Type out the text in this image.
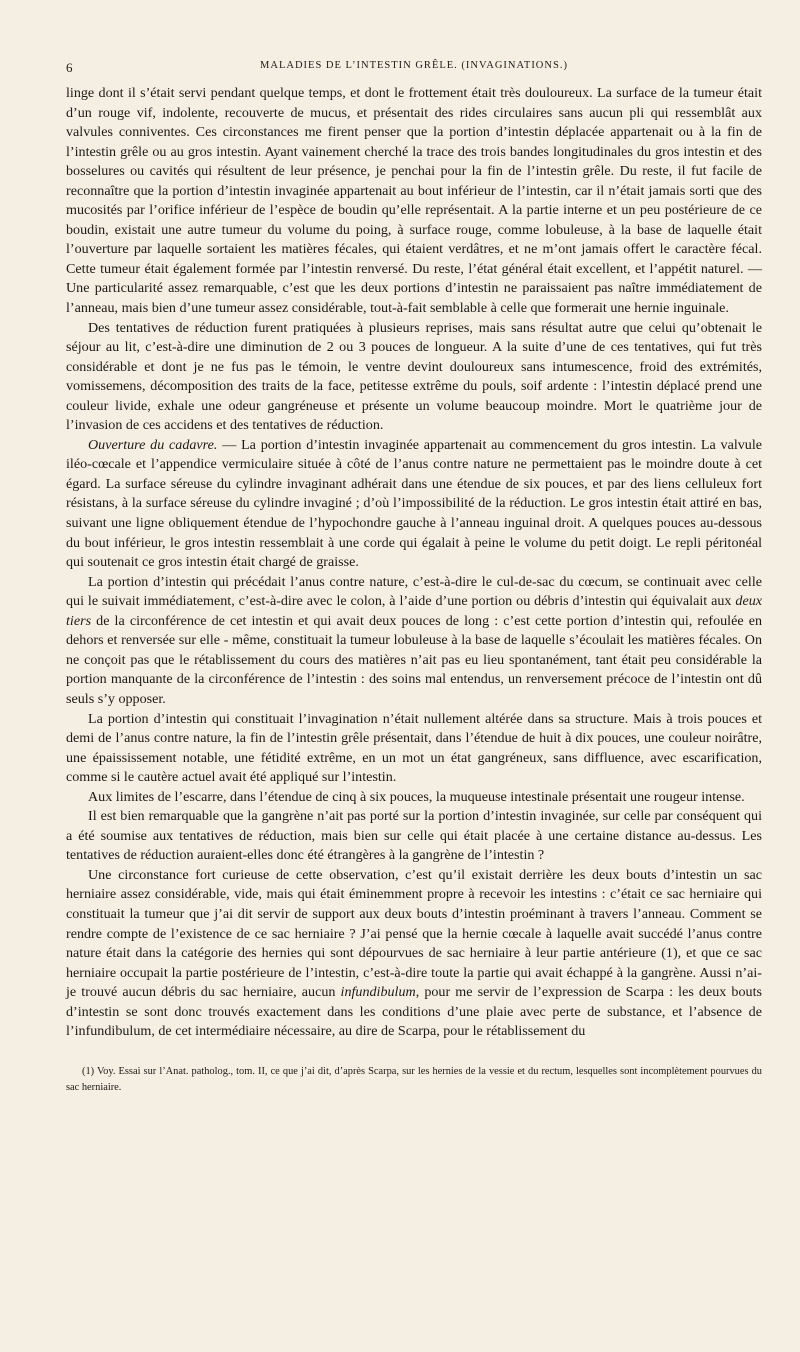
6	MALADIES DE L’INTESTIN GRÊLE. (INVAGINATIONS.)

linge dont il s’était servi pendant quelque temps, et dont le frottement était très douloureux. La surface de la tumeur était d’un rouge vif, indolente, recouverte de mucus, et présentait des rides circulaires sans aucun pli qui ressemblât aux valvules conniventes. Ces circonstances me firent penser que la portion d’intestin déplacée appartenait ou à la fin de l’intestin grêle ou au gros intestin. Ayant vainement cherché la trace des trois bandes longitudinales du gros intestin et des bosselures ou cavités qui résultent de leur présence, je penchai pour la fin de l’intestin grêle. Du reste, il fut facile de reconnaître que la portion d’intestin invaginée appartenait au bout inférieur de l’intestin, car il n’était jamais sorti que des mucosités par l’orifice inférieur de l’espèce de boudin qu’elle représentait. A la partie interne et un peu postérieure de ce boudin, existait une autre tumeur du volume du poing, à surface rouge, comme lobuleuse, à la base de laquelle était l’ouverture par laquelle sortaient les matières fécales, qui étaient verdâtres, et ne m’ont jamais offert le caractère fécal. Cette tumeur était également formée par l’intestin renversé. Du reste, l’état général était excellent, et l’appétit naturel. — Une particularité assez remarquable, c’est que les deux portions d’intestin ne paraissaient pas naître immédiatement de l’anneau, mais bien d’une tumeur assez considérable, tout-à-fait semblable à celle que formerait une hernie inguinale.

Des tentatives de réduction furent pratiquées à plusieurs reprises, mais sans résultat autre que celui qu’obtenait le séjour au lit, c’est-à-dire une diminution de 2 ou 3 pouces de longueur. A la suite d’une de ces tentatives, qui fut très considérable et dont je ne fus pas le témoin, le ventre devint douloureux sans intumescence, froid des extrémités, vomissemens, décomposition des traits de la face, petitesse extrême du pouls, soif ardente : l’intestin déplacé prend une couleur livide, exhale une odeur gangréneuse et présente un volume beaucoup moindre. Mort le quatrième jour de l’invasion de ces accidens et des tentatives de réduction.

Ouverture du cadavre. — La portion d’intestin invaginée appartenait au commencement du gros intestin. La valvule iléo-cœcale et l’appendice vermiculaire située à côté de l’anus contre nature ne permettaient pas le moindre doute à cet égard. La surface séreuse du cylindre invaginant adhérait dans une étendue de six pouces, et par des liens celluleux fort résistans, à la surface séreuse du cylindre invaginé ; d’où l’impossibilité de la réduction. Le gros intestin était attiré en bas, suivant une ligne obliquement étendue de l’hypochondre gauche à l’anneau inguinal droit. A quelques pouces au-dessous du bout inférieur, le gros intestin ressemblait à une corde qui égalait à peine le volume du petit doigt. Le repli péritonéal qui soutenait ce gros intestin était chargé de graisse.

La portion d’intestin qui précédait l’anus contre nature, c’est-à-dire le cul-de-sac du cœcum, se continuait avec celle qui le suivait immédiatement, c’est-à-dire avec le colon, à l’aide d’une portion ou débris d’intestin qui équivalait aux deux tiers de la circonférence de cet intestin et qui avait deux pouces de long : c’est cette portion d’intestin qui, refoulée en dehors et renversée sur elle - même, constituait la tumeur lobuleuse à la base de laquelle s’écoulait les matières fécales. On ne conçoit pas que le rétablissement du cours des matières n’ait pas eu lieu spontanément, tant était peu considérable la portion manquante de la circonférence de l’intestin : des soins mal entendus, un renversement précoce de l’intestin ont dû seuls s’y opposer.

La portion d’intestin qui constituait l’invagination n’était nullement altérée dans sa structure. Mais à trois pouces et demi de l’anus contre nature, la fin de l’intestin grêle présentait, dans l’étendue de huit à dix pouces, une couleur noirâtre, une épaississement notable, une fétidité extrême, en un mot un état gangréneux, sans diffluence, avec escarification, comme si le cautère actuel avait été appliqué sur l’intestin.

Aux limites de l’escarre, dans l’étendue de cinq à six pouces, la muqueuse intestinale présentait une rougeur intense.

Il est bien remarquable que la gangrène n’ait pas porté sur la portion d’intestin invaginée, sur celle par conséquent qui a été soumise aux tentatives de réduction, mais bien sur celle qui était placée à une certaine distance au-dessus. Les tentatives de réduction auraient-elles donc été étrangères à la gangrène de l’intestin ?

Une circonstance fort curieuse de cette observation, c’est qu’il existait derrière les deux bouts d’intestin un sac herniaire assez considérable, vide, mais qui était éminemment propre à recevoir les intestins : c’était ce sac herniaire qui constituait la tumeur que j’ai dit servir de support aux deux bouts d’intestin proéminant à travers l’anneau. Comment se rendre compte de l’existence de ce sac herniaire ? J’ai pensé que la hernie cœcale à laquelle avait succédé l’anus contre nature était dans la catégorie des hernies qui sont dépourvues de sac herniaire à leur partie antérieure (1), et que ce sac herniaire occupait la partie postérieure de l’intestin, c’est-à-dire toute la partie qui avait échappé à la gangrène. Aussi n’ai-je trouvé aucun débris du sac herniaire, aucun infundibulum, pour me servir de l’expression de Scarpa : les deux bouts d’intestin se sont donc trouvés exactement dans les conditions d’une plaie avec perte de substance, et l’absence de l’infundibulum, de cet intermédiaire nécessaire, au dire de Scarpa, pour le rétablissement du

(1) Voy. Essai sur l’Anat. patholog., tom. II, ce que j’ai dit, d’après Scarpa, sur les hernies de la vessie et du rectum, lesquelles sont incomplètement pourvues du sac herniaire.
